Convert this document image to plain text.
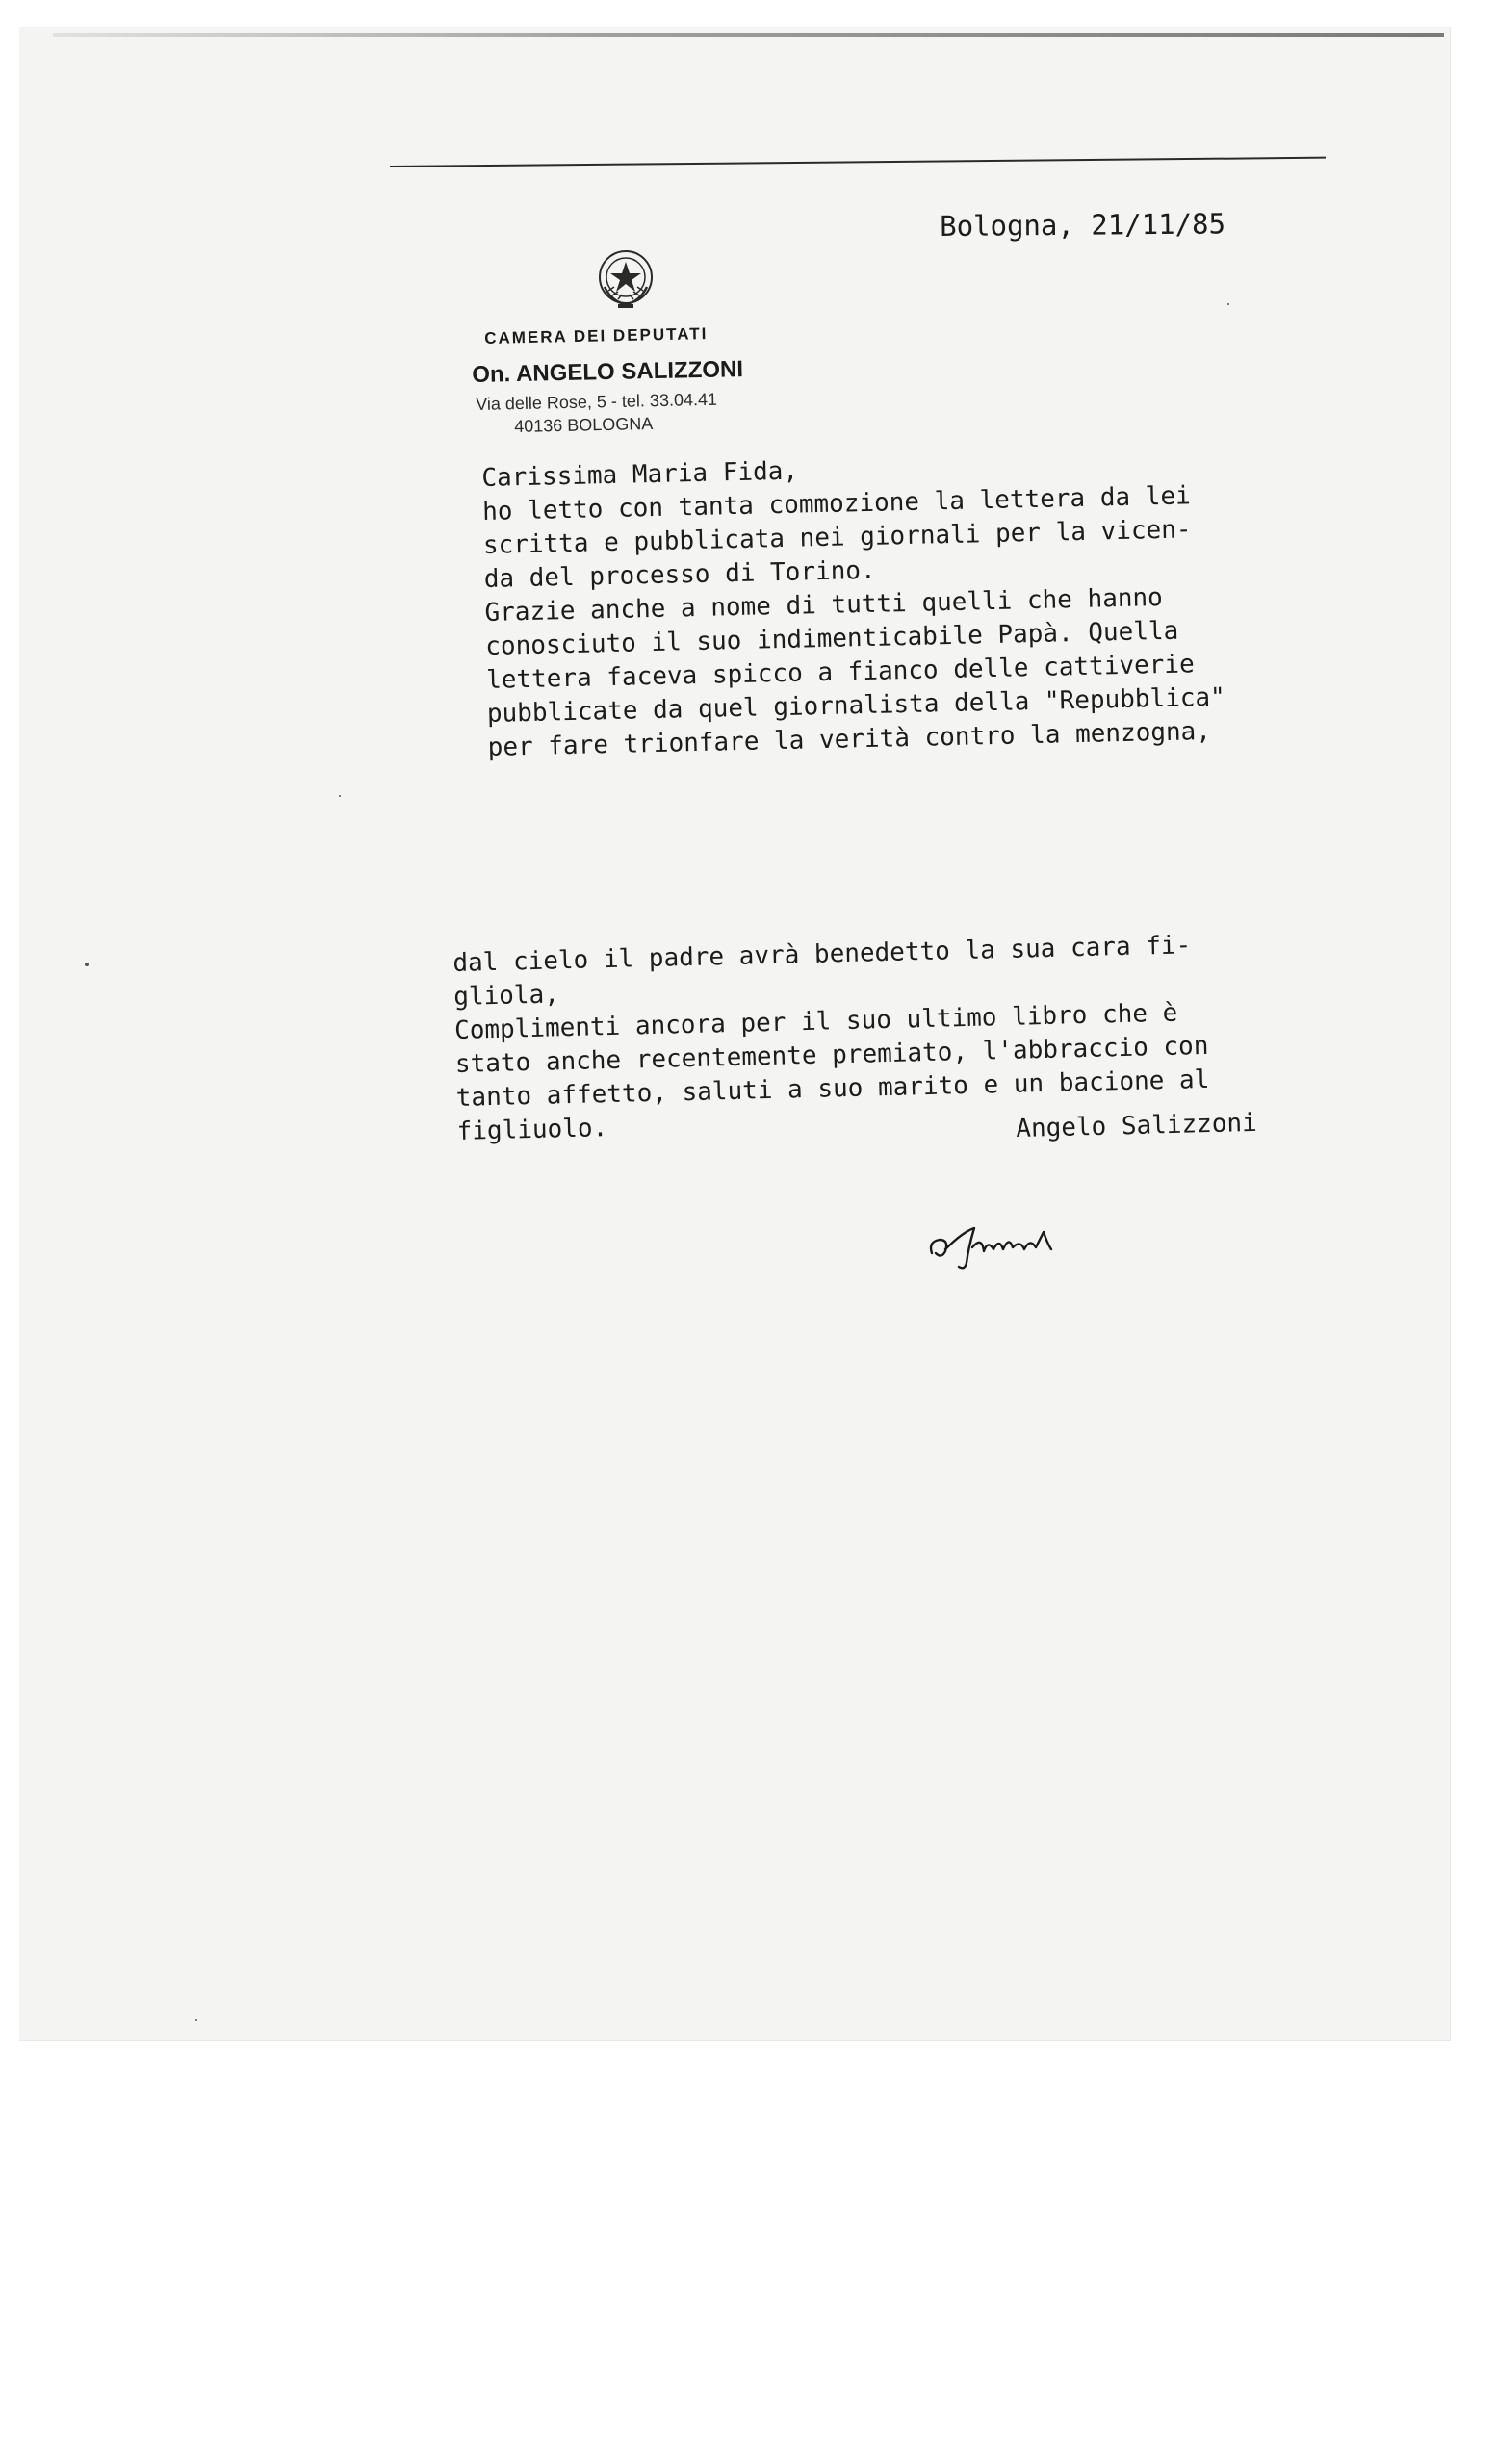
Bologna, 21/11/85
CAMERA DEI DEPUTATI
On. ANGELO SALIZZONI
Via delle Rose, 5 - tel. 33.04.41
40136 BOLOGNA
Carissima Maria Fida,
ho letto con tanta commozione la lettera da lei
scritta e pubblicata nei giornali per la vicen-
da del processo di Torino.
Grazie anche a nome di tutti quelli che hanno
conosciuto il suo indimenticabile Papà. Quella
lettera faceva spicco a fianco delle cattiverie
pubblicate da quel giornalista della "Repubblica"
per fare trionfare la verità contro la menzogna,
dal cielo il padre avrà benedetto la sua cara fi-
gliola,
Complimenti ancora per il suo ultimo libro che è
stato anche recentemente premiato, l'abbraccio con
tanto affetto, saluti a suo marito e un bacione al
figliuolo.	Angelo Salizzoni
